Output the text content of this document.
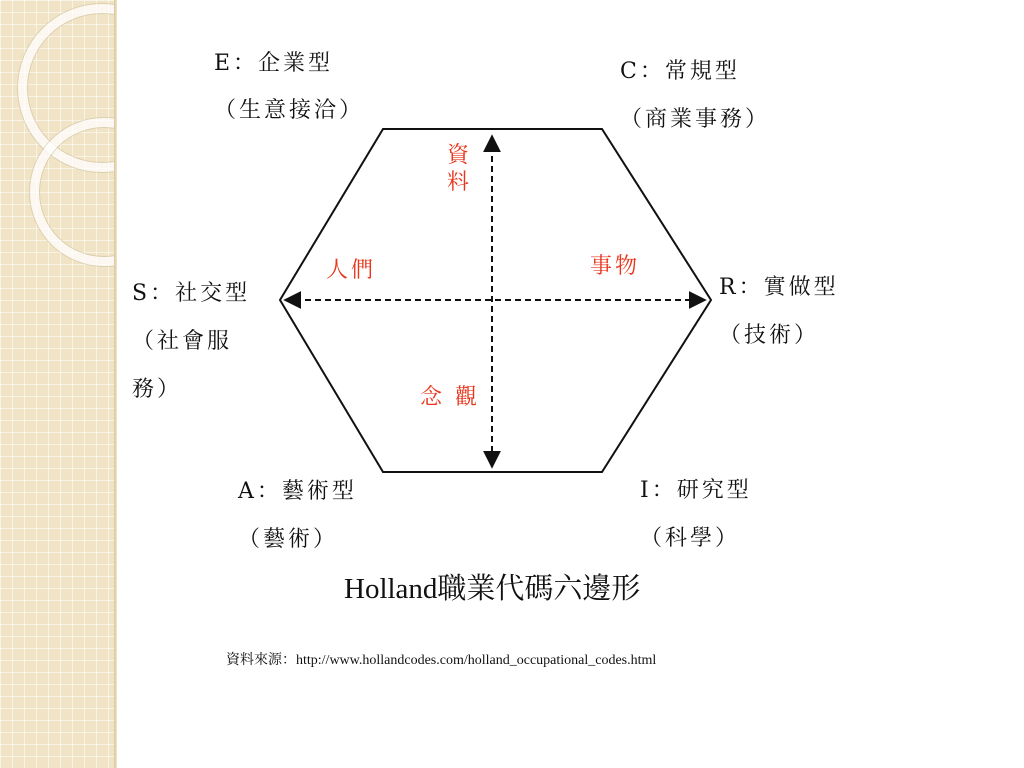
E：企業型

（生意接洽）

C：常規型

（商業事務）

S：社交型

（社會服

務）

R：實做型

（技術）

A：藝術型

（藝術）

I：研究型

（科學）

資

料

人們	事物

念 觀

Holland職業代碼六邊形

資料來源：http://www.hollandcodes.com/holland_occupational_codes.html
